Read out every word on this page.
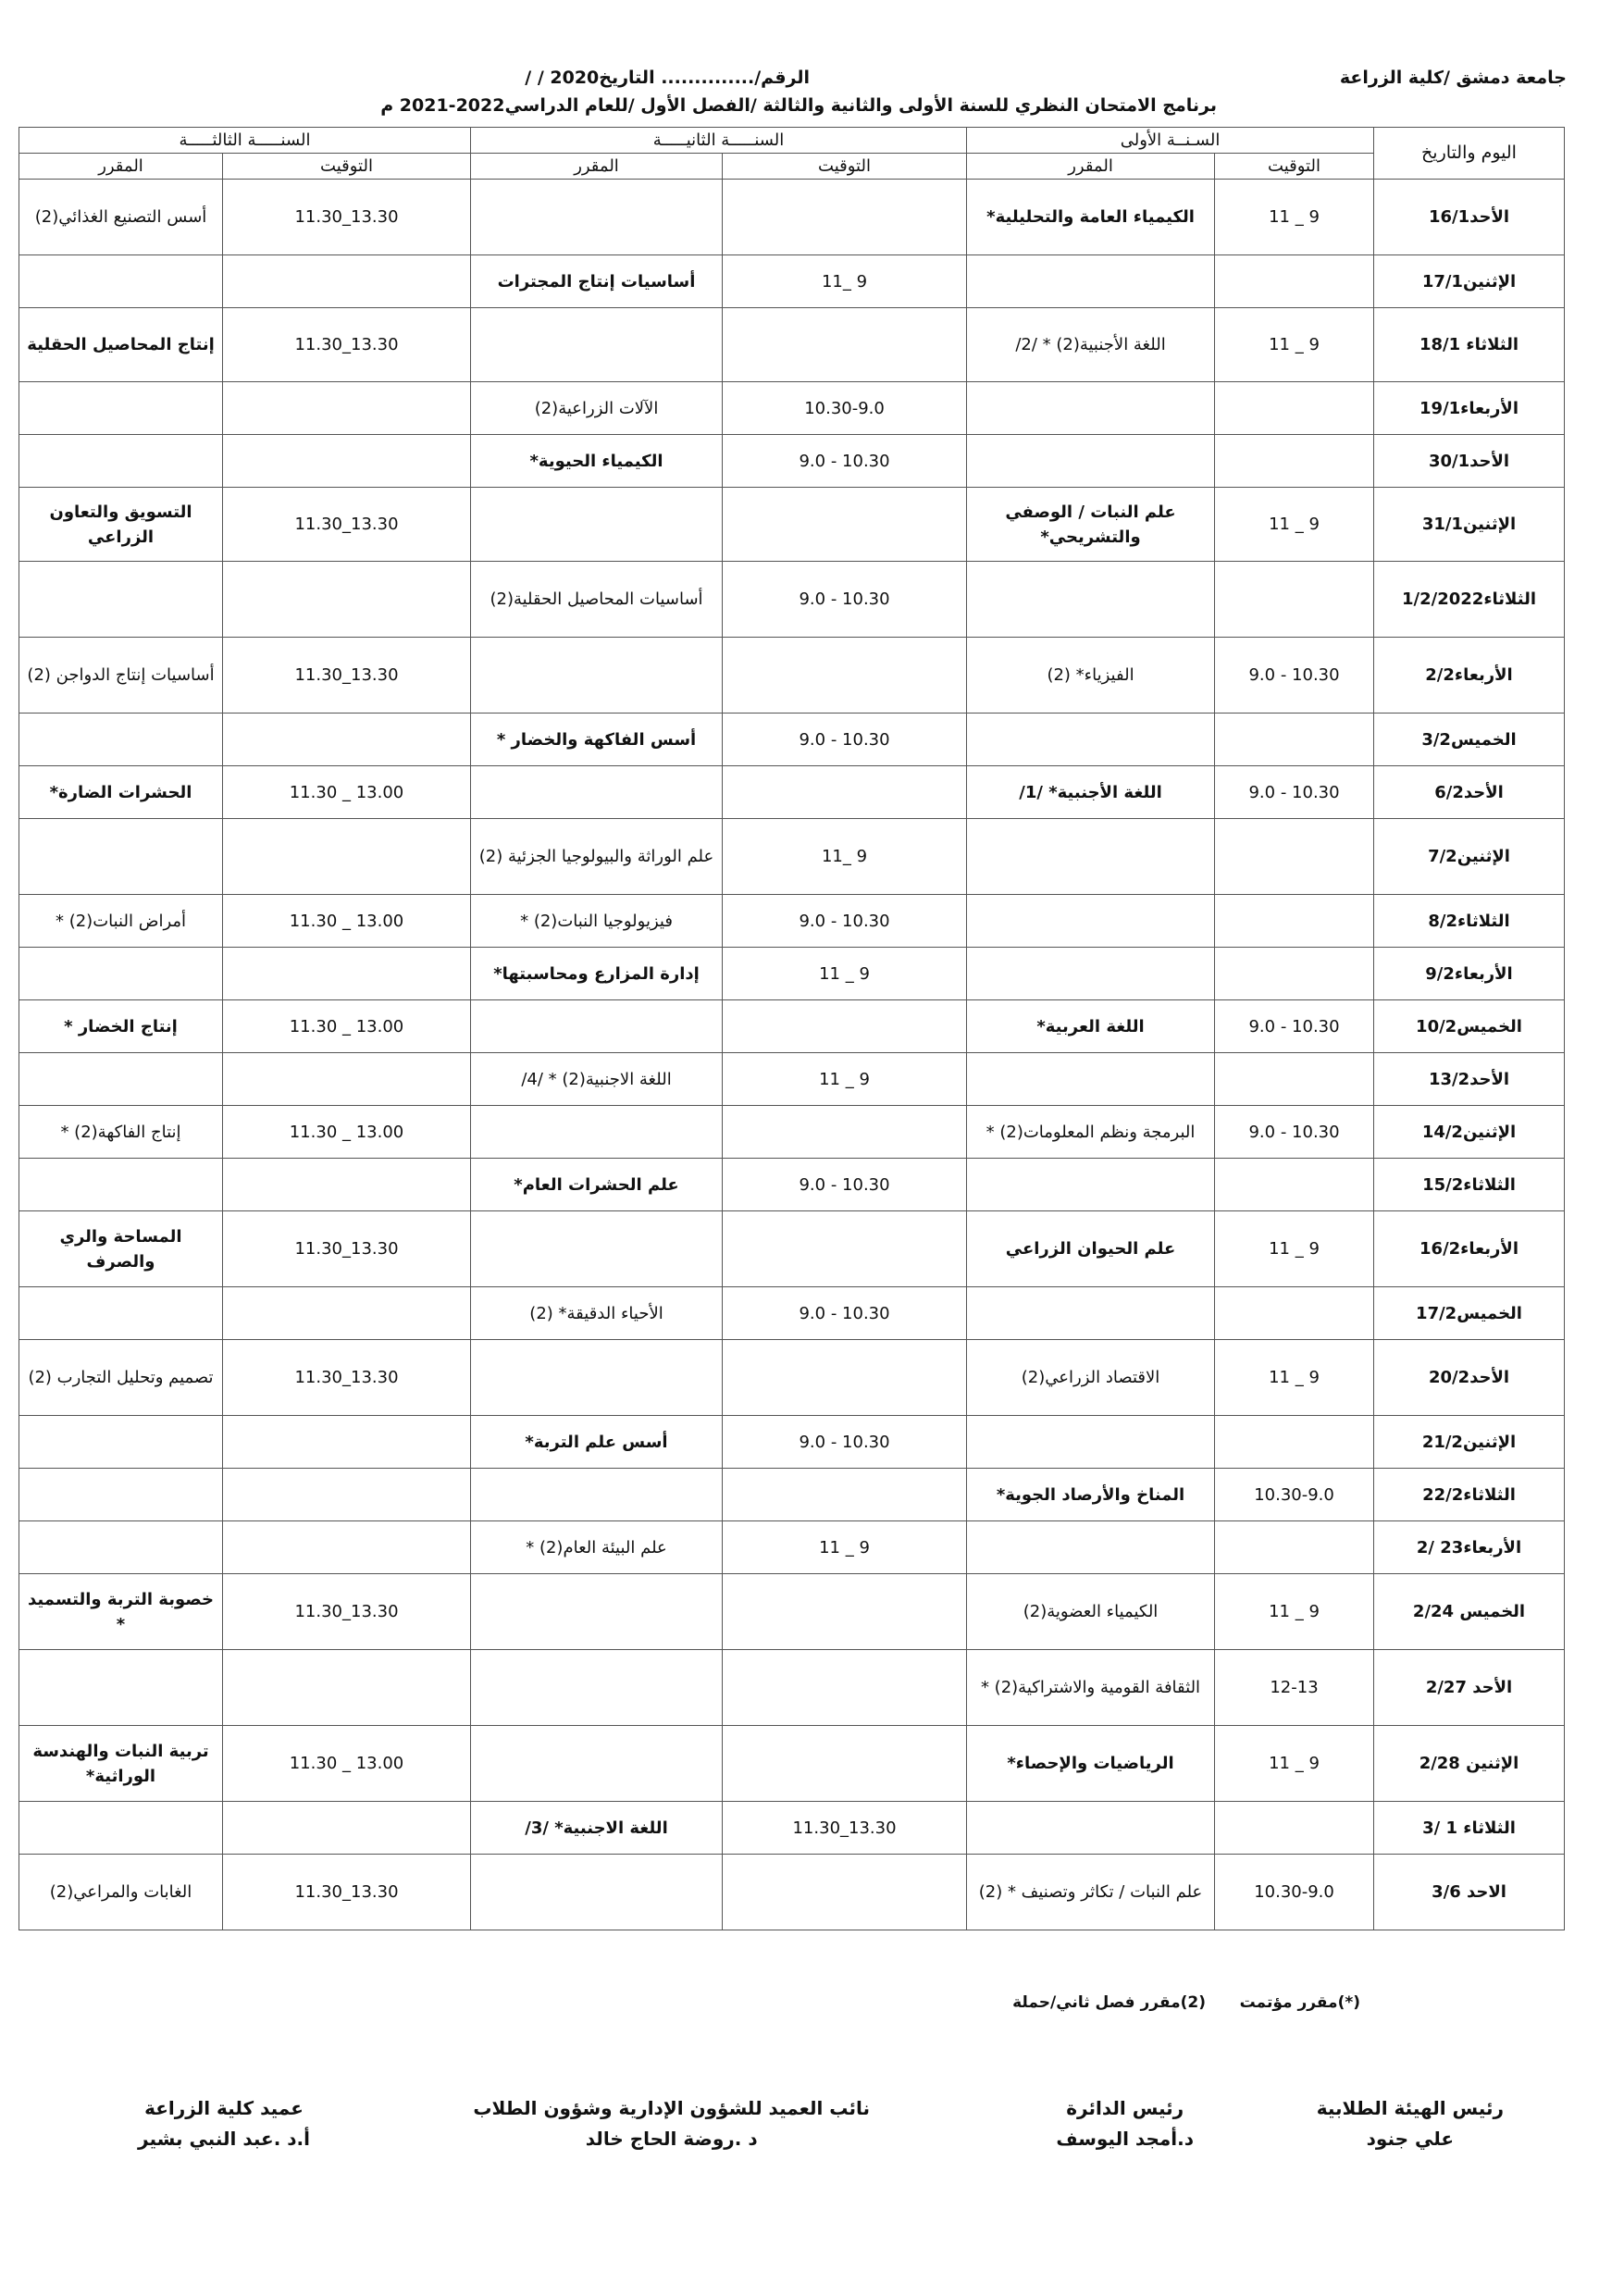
جامعة دمشق /كلية الزراعة
الرقم/.............. التاريخ2020 / /
برنامج الامتحان النظري للسنة الأولى والثانية والثالثة /الفصل الأول /للعام الدراسي2022-2021 م
اليوم والتاريخ	السـنــة الأولى		السنـــــة الثانيـــــة		السنـــــة الثالثـــــة	
	التوقيت	المقرر	التوقيت	المقرر	التوقيت	المقرر
الأحد16/1	9 _ 11	الكيمياء العامة والتحليلية*			13.30_11.30	أسس التصنيع الغذائي(2)
الإثنين17/1			9 _11	أساسيات إنتاج المجترات		
الثلاثاء 18/1	9 _ 11	اللغة الأجنبية(2) * /2/			13.30_11.30	إنتاج المحاصيل الحقلية
الأربعاء19/1			10.30-9.0	الآلات الزراعية(2)		
الأحد30/1			10.30 - 9.0	الكيمياء الحيوية*		
الإثنين31/1	9 _ 11	علم النبات / الوصفي والتشريحي*			13.30_11.30	التسويق والتعاون الزراعي
الثلاثاء1/2/2022			10.30 - 9.0	أساسيات المحاصيل الحقلية(2)		
الأربعاء2/2	10.30 - 9.0	الفيزياء* (2)			13.30_11.30	أساسيات إنتاج الدواجن (2)
الخميس3/2			10.30 - 9.0	أسس الفاكهة والخضار *		
الأحد6/2	10.30 - 9.0	اللغة الأجنبية* /1/			13.00 _ 11.30	الحشرات الضارة*
الإثنين7/2			9 _11	علم الوراثة والبيولوجيا الجزئية (2)		
الثلاثاء8/2			10.30 - 9.0	فيزيولوجيا النبات(2) *	13.00 _ 11.30	أمراض النبات(2) *
الأربعاء9/2			9 _ 11	إدارة المزارع ومحاسبتها*		
الخميس10/2	10.30 - 9.0	اللغة العربية*			13.00 _ 11.30	إنتاج الخضار *
الأحد13/2			9 _ 11	اللغة الاجنبية(2) * /4/		
الإثنين14/2	10.30 - 9.0	البرمجة ونظم المعلومات(2) *			13.00 _ 11.30	إنتاج الفاكهة(2) *
الثلاثاء15/2			10.30 - 9.0	علم الحشرات العام*		
الأربعاء16/2	9 _ 11	علم الحيوان الزراعي			13.30_11.30	المساحة والري والصرف
الخميس17/2			10.30 - 9.0	الأحياء الدقيقة* (2)		
الأحد20/2	9 _ 11	الاقتصاد الزراعي(2)			13.30_11.30	تصميم وتحليل التجارب (2)
الإثنين21/2			10.30 - 9.0	أسس علم التربة*		
الثلاثاء22/2	10.30-9.0	المناخ والأرصاد الجوية*				
الأربعاء23 /2			9 _ 11	علم البيئة العام(2) *		
الخميس 2/24	9 _ 11	الكيمياء العضوية(2)			13.30_11.30	خصوبة التربة والتسميد *
الأحد 2/27	12-13	الثقافة القومية والاشتراكية(2) *				
الإثنين 2/28	9 _ 11	الرياضيات والإحصاء*			13.00 _ 11.30	تربية النبات والهندسة الوراثية*
الثلاثاء 1 /3			13.30_11.30	اللغة الاجنبية* /3/		
الاحد 3/6	10.30-9.0	علم النبات / تكاثر وتصنيف * (2)			13.30_11.30	الغابات والمراعي(2)
(*)مقرر مؤتمت
(2)مقرر فصل ثاني/حملة
رئيس الهيئة الطلابية
علي جنود
رئيس الدائرة
د.أمجد اليوسف
نائب العميد للشؤون الإدارية وشؤون الطلاب
د .روضة الحاج خالد
عميد كلية الزراعة
أ.د .عبد النبي بشير
